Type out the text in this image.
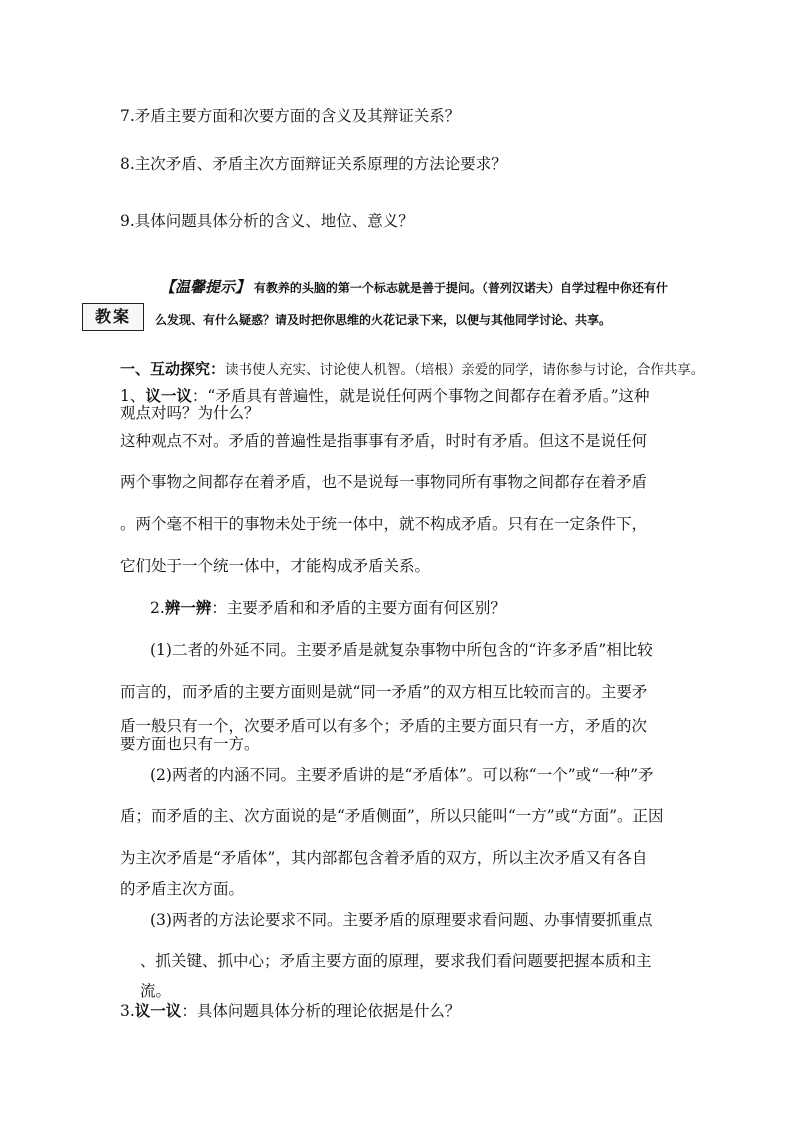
7.矛盾主要方面和次要方面的含义及其辩证关系？
8.主次矛盾、矛盾主次方面辩证关系原理的方法论要求？
9.具体问题具体分析的含义、地位、意义？
【温馨提示】 有教养的头脑的第一个标志就是善于提问。（普列汉诺夫）自学过程中你还有什
教案	么发现、有什么疑惑？请及时把你思维的火花记录下来，以便与其他同学讨论、共享。
一、互动探究：读书使人充实、讨论使人机智。（培根）亲爱的同学，请你参与讨论，合作共享。
1、议一议：“矛盾具有普遍性，就是说任何两个事物之间都存在着矛盾。”这种
观点对吗？为什么？
这种观点不对。矛盾的普遍性是指事事有矛盾，时时有矛盾。但这不是说任何
两个事物之间都存在着矛盾，也不是说每一事物同所有事物之间都存在着矛盾
。两个毫不相干的事物未处于统一体中，就不构成矛盾。只有在一定条件下，
它们处于一个统一体中，才能构成矛盾关系。
2.辨一辨：主要矛盾和和矛盾的主要方面有何区别？
(1)二者的外延不同。主要矛盾是就复杂事物中所包含的“许多矛盾”相比较
而言的，而矛盾的主要方面则是就“同一矛盾”的双方相互比较而言的。主要矛
盾一般只有一个，次要矛盾可以有多个；矛盾的主要方面只有一方，矛盾的次
要方面也只有一方。
(2)两者的内涵不同。主要矛盾讲的是“矛盾体”。可以称“一个”或“一种”矛
盾；而矛盾的主、次方面说的是“矛盾侧面”，所以只能叫“一方”或“方面”。正因
为主次矛盾是“矛盾体”，其内部都包含着矛盾的双方，所以主次矛盾又有各自
的矛盾主次方面。
(3)两者的方法论要求不同。主要矛盾的原理要求看问题、办事情要抓重点
、抓关键、抓中心；矛盾主要方面的原理，要求我们看问题要把握本质和主
流。
3.议一议：具体问题具体分析的理论依据是什么？
